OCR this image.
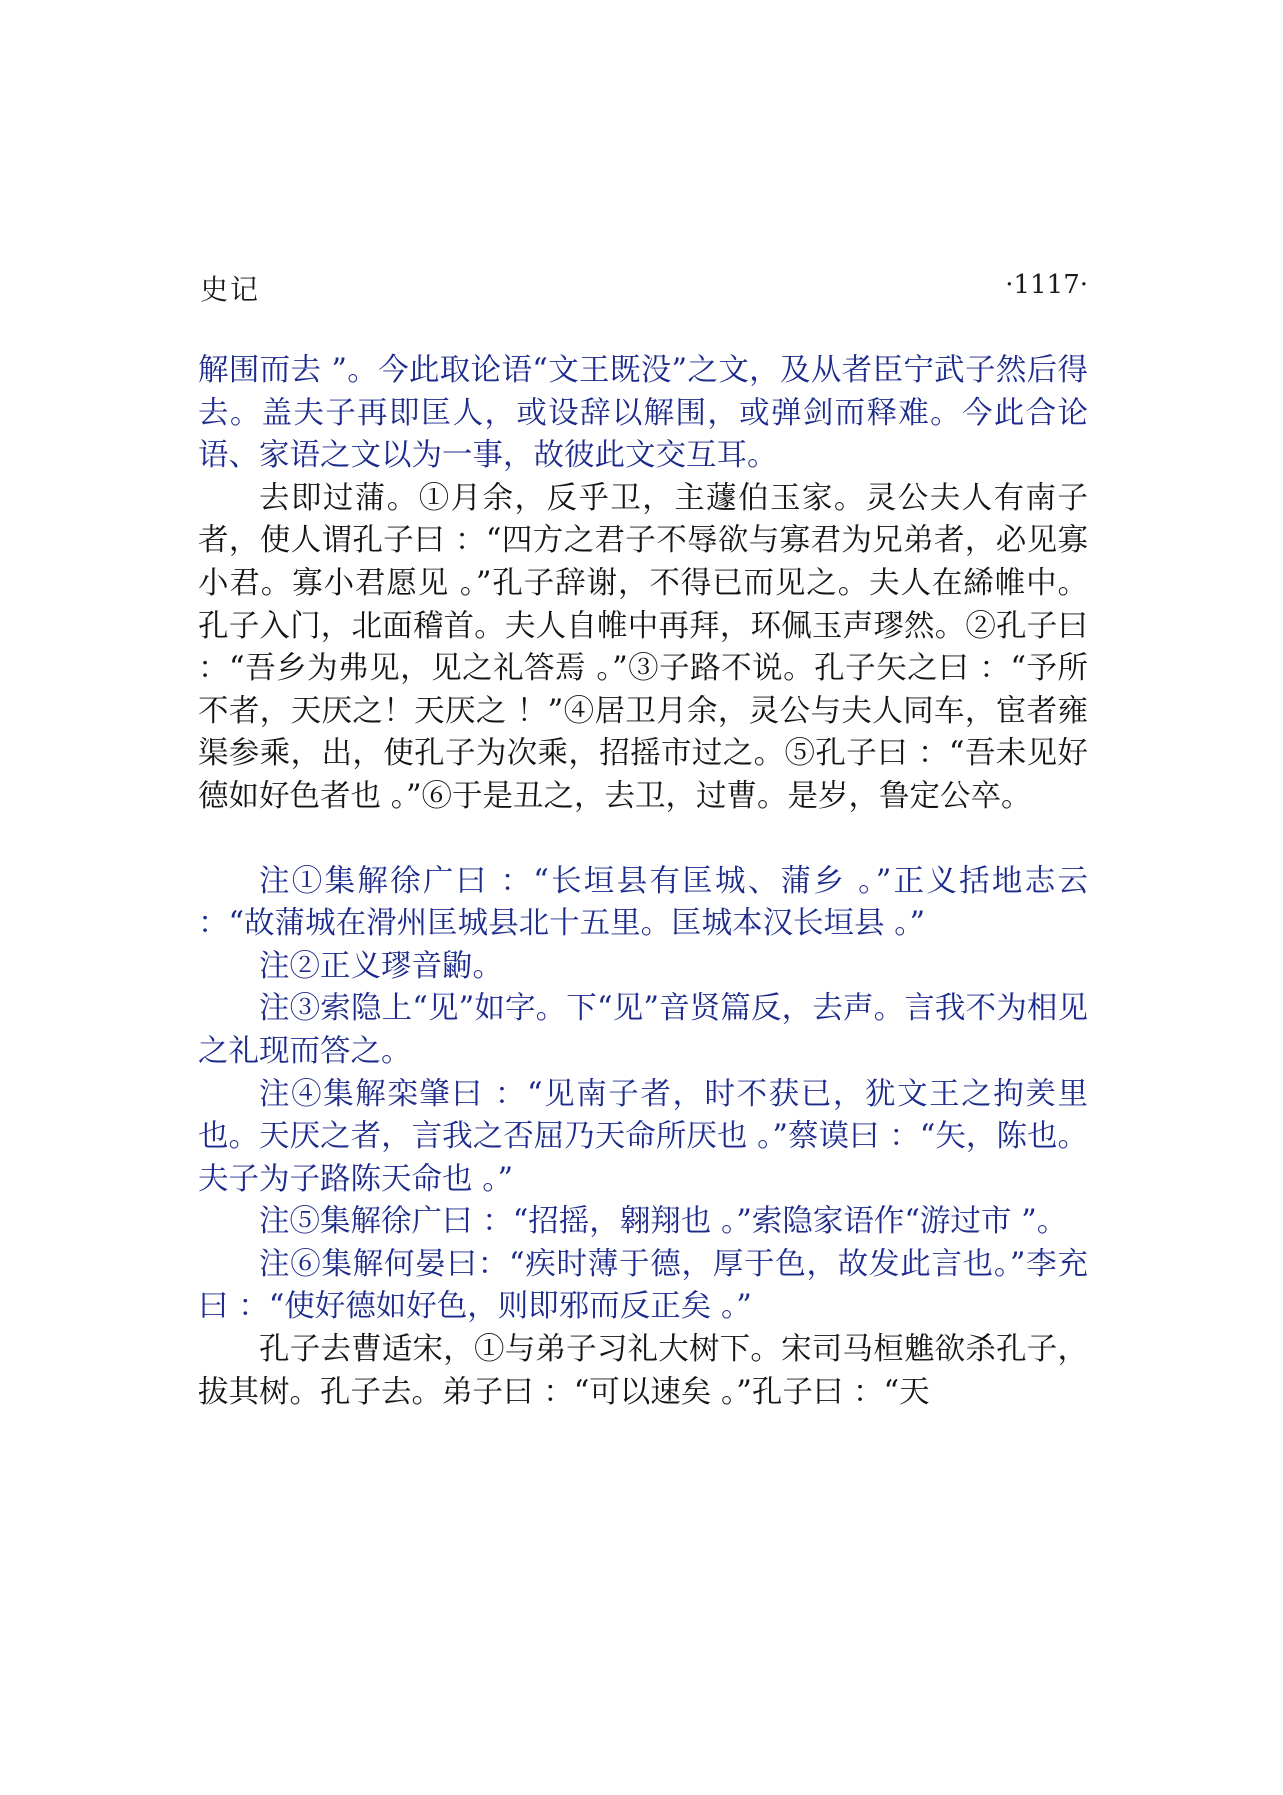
史记	·1117·

解围而去 ”。今此取论语“文王既没”之文，及从者臣宁武子然后得去。盖夫子再即匡人，或设辞以解围，或弹剑而释难。今此合论语、家语之文以为一事，故彼此文交互耳。

去即过蒲。①月余，反乎卫，主蘧伯玉家。灵公夫人有南子者，使人谓孔子曰 ：“四方之君子不辱欲与寡君为兄弟者，必见寡小君。寡小君愿见 。”孔子辞谢，不得已而见之。夫人在絺帷中。孔子入门，北面稽首。夫人自帷中再拜，环佩玉声璆然。②孔子曰 ：“吾乡为弗见，见之礼答焉 。”③子路不说。孔子矢之曰 ：“予所不者，天厌之！天厌之 ！”④居卫月余，灵公与夫人同车，宦者雍渠参乘，出，使孔子为次乘，招摇市过之。⑤孔子曰 ：“吾未见好德如好色者也 。”⑥于是丑之，去卫，过曹。是岁，鲁定公卒。

注①集解徐广曰 ：“长垣县有匡城、蒲乡 。”正义括地志云 ：“故蒲城在滑州匡城县北十五里。匡城本汉长垣县 。”

注②正义璆音鼩。

注③索隐上“见”如字。下“见”音贤篇反，去声。言我不为相见之礼现而答之。

注④集解栾肇曰 ：“见南子者，时不获已，犹文王之拘羑里也。天厌之者，言我之否屈乃天命所厌也 。”蔡谟曰 ：“矢，陈也。夫子为子路陈天命也 。”

注⑤集解徐广曰 ：“招摇，翱翔也 。”索隐家语作“游过市 ”。

注⑥集解何晏曰：“疾时薄于德，厚于色，故发此言也。”李充曰 ：“使好德如好色，则即邪而反正矣 。”

孔子去曹适宋，①与弟子习礼大树下。宋司马桓魋欲杀孔子，拔其树。孔子去。弟子曰 ：“可以速矣 。”孔子曰 ：“天
